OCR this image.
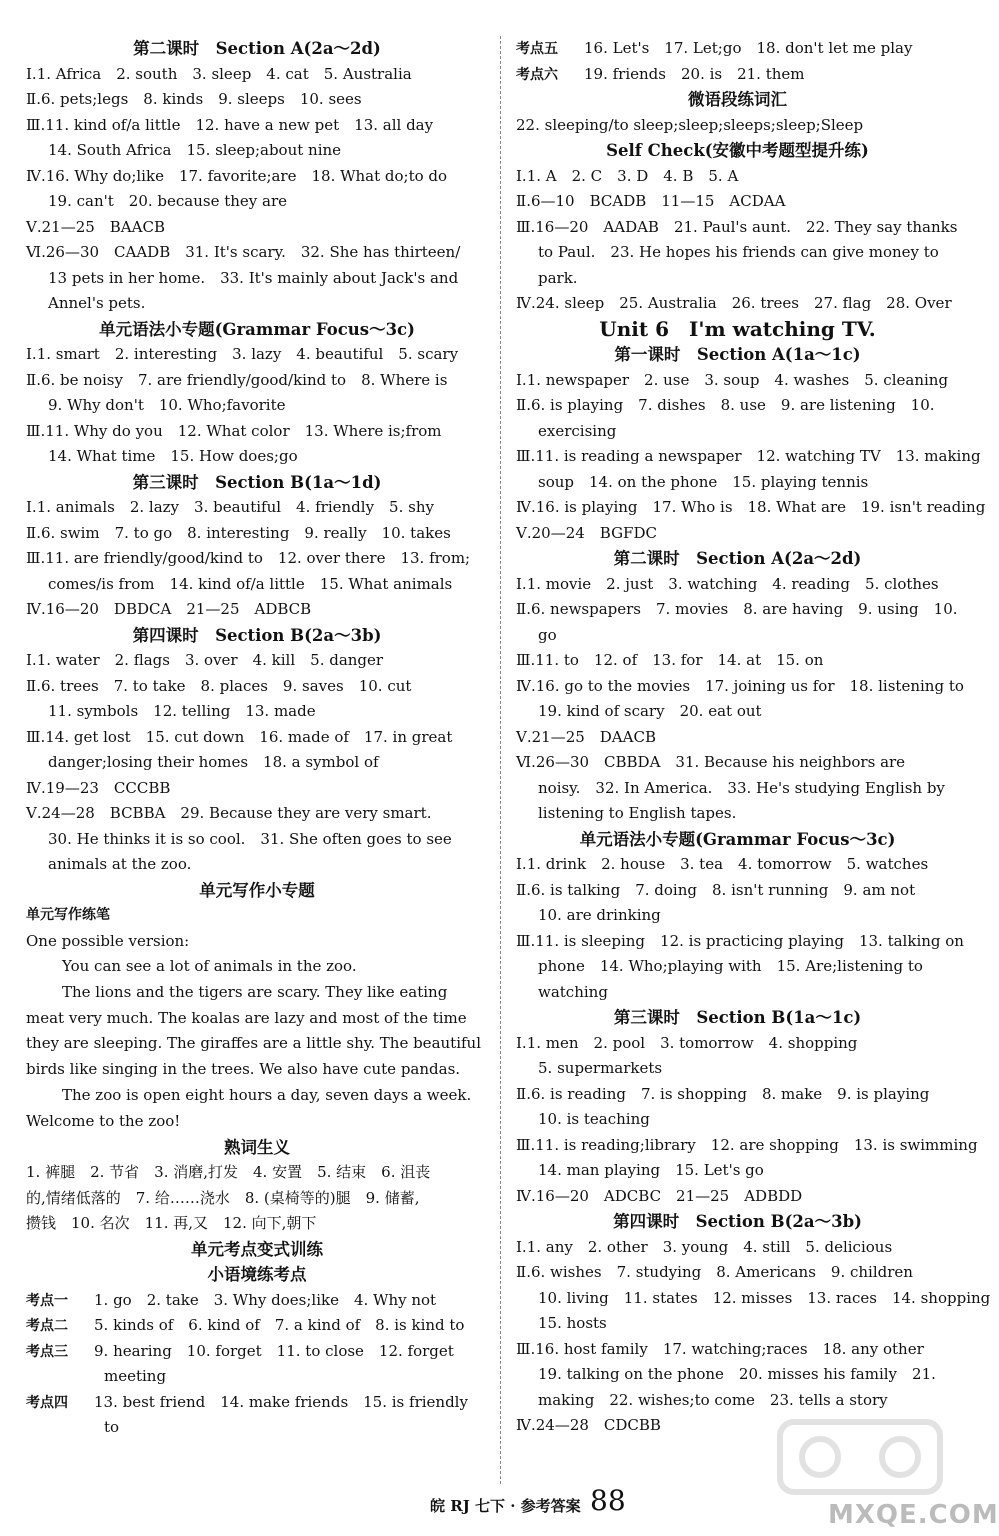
第二课时　Section A(2a～2d)
Ⅰ.1. Africa　2. south　3. sleep　4. cat　5. Australia
Ⅱ.6. pets;legs　8. kinds　9. sleeps　10. sees
Ⅲ.11. kind of/a little　12. have a new pet　13. all day
14. South Africa　15. sleep;about nine
Ⅳ.16. Why do;like　17. favorite;are　18. What do;to do
19. can't　20. because they are
Ⅴ.21—25　BAACB
Ⅵ.26—30　CAADB　31. It's scary.　32. She has thirteen/
13 pets in her home.　33. It's mainly about Jack's and
Annel's pets.
单元语法小专题(Grammar Focus～3c)
Ⅰ.1. smart　2. interesting　3. lazy　4. beautiful　5. scary
Ⅱ.6. be noisy　7. are friendly/good/kind to　8. Where is
9. Why don't　10. Who;favorite
Ⅲ.11. Why do you　12. What color　13. Where is;from
14. What time　15. How does;go
第三课时　Section B(1a～1d)
Ⅰ.1. animals　2. lazy　3. beautiful　4. friendly　5. shy
Ⅱ.6. swim　7. to go　8. interesting　9. really　10. takes
Ⅲ.11. are friendly/good/kind to　12. over there　13. from;
comes/is from　14. kind of/a little　15. What animals
Ⅳ.16—20　DBDCA　21—25　ADBCB
第四课时　Section B(2a～3b)
Ⅰ.1. water　2. flags　3. over　4. kill　5. danger
Ⅱ.6. trees　7. to take　8. places　9. saves　10. cut
11. symbols　12. telling　13. made
Ⅲ.14. get lost　15. cut down　16. made of　17. in great
danger;losing their homes　18. a symbol of
Ⅳ.19—23　CCCBB
Ⅴ.24—28　BCBBA　29. Because they are very smart.
30. He thinks it is so cool.　31. She often goes to see
animals at the zoo.
单元写作小专题
单元写作练笔
One possible version:

You can see a lot of animals in the zoo.

The lions and the tigers are scary. They like eating meat very much. The koalas are lazy and most of the time they are sleeping. The giraffes are a little shy. The beautiful birds like singing in the trees. We also have cute pandas.

The zoo is open eight hours a day, seven days a week. Welcome to the zoo!

熟词生义
1. 裤腿　2. 节省　3. 消磨,打发　4. 安置　5. 结束　6. 沮丧
的,情绪低落的　7. 给……浇水　8. (桌椅等的)腿　9. 储蓄,
攒钱　10. 名次　11. 再,又　12. 向下,朝下
单元考点变式训练
小语境练考点
考点一 1. go　2. take　3. Why does;like　4. Why not
考点二 5. kinds of　6. kind of　7. a kind of　8. is kind to
考点三 9. hearing　10. forget　11. to close　12. forget
meeting
考点四 13. best friend　14. make friends　15. is friendly
to
考点五 16. Let's　17. Let;go　18. don't let me play
考点六 19. friends　20. is　21. them
微语段练词汇
22. sleeping/to sleep;sleep;sleeps;sleep;Sleep
Self Check(安徽中考题型提升练)
Ⅰ.1. A　2. C　3. D　4. B　5. A
Ⅱ.6—10　BCADB　11—15　ACDAA
Ⅲ.16—20　AADAB　21. Paul's aunt.　22. They say thanks
to Paul.　23. He hopes his friends can give money to
park.
Ⅳ.24. sleep　25. Australia　26. trees　27. flag　28. Over
Unit 6　I'm watching TV.
第一课时　Section A(1a～1c)
Ⅰ.1. newspaper　2. use　3. soup　4. washes　5. cleaning
Ⅱ.6. is playing　7. dishes　8. use　9. are listening　10.
exercising
Ⅲ.11. is reading a newspaper　12. watching TV　13. making
soup　14. on the phone　15. playing tennis
Ⅳ.16. is playing　17. Who is　18. What are　19. isn't reading
Ⅴ.20—24　BGFDC
第二课时　Section A(2a～2d)
Ⅰ.1. movie　2. just　3. watching　4. reading　5. clothes
Ⅱ.6. newspapers　7. movies　8. are having　9. using　10.
go
Ⅲ.11. to　12. of　13. for　14. at　15. on
Ⅳ.16. go to the movies　17. joining us for　18. listening to
19. kind of scary　20. eat out
Ⅴ.21—25　DAACB
Ⅵ.26—30　CBBDA　31. Because his neighbors are
noisy.　32. In America.　33. He's studying English by
listening to English tapes.
单元语法小专题(Grammar Focus～3c)
Ⅰ.1. drink　2. house　3. tea　4. tomorrow　5. watches
Ⅱ.6. is talking　7. doing　8. isn't running　9. am not
10. are drinking
Ⅲ.11. is sleeping　12. is practicing playing　13. talking on
phone　14. Who;playing with　15. Are;listening to
watching
第三课时　Section B(1a～1c)
Ⅰ.1. men　2. pool　3. tomorrow　4. shopping
5. supermarkets
Ⅱ.6. is reading　7. is shopping　8. make　9. is playing
10. is teaching
Ⅲ.11. is reading;library　12. are shopping　13. is swimming
14. man playing　15. Let's go
Ⅳ.16—20　ADCBC　21—25　ADBDD
第四课时　Section B(2a～3b)
Ⅰ.1. any　2. other　3. young　4. still　5. delicious
Ⅱ.6. wishes　7. studying　8. Americans　9. children
10. living　11. states　12. misses　13. races　14. shopping
15. hosts
Ⅲ.16. host family　17. watching;races　18. any other
19. talking on the phone　20. misses his family　21.
making　22. wishes;to come　23. tells a story
Ⅳ.24—28　CDCBB
皖 RJ 七下 · 参考答案 88	MXQE.COM
